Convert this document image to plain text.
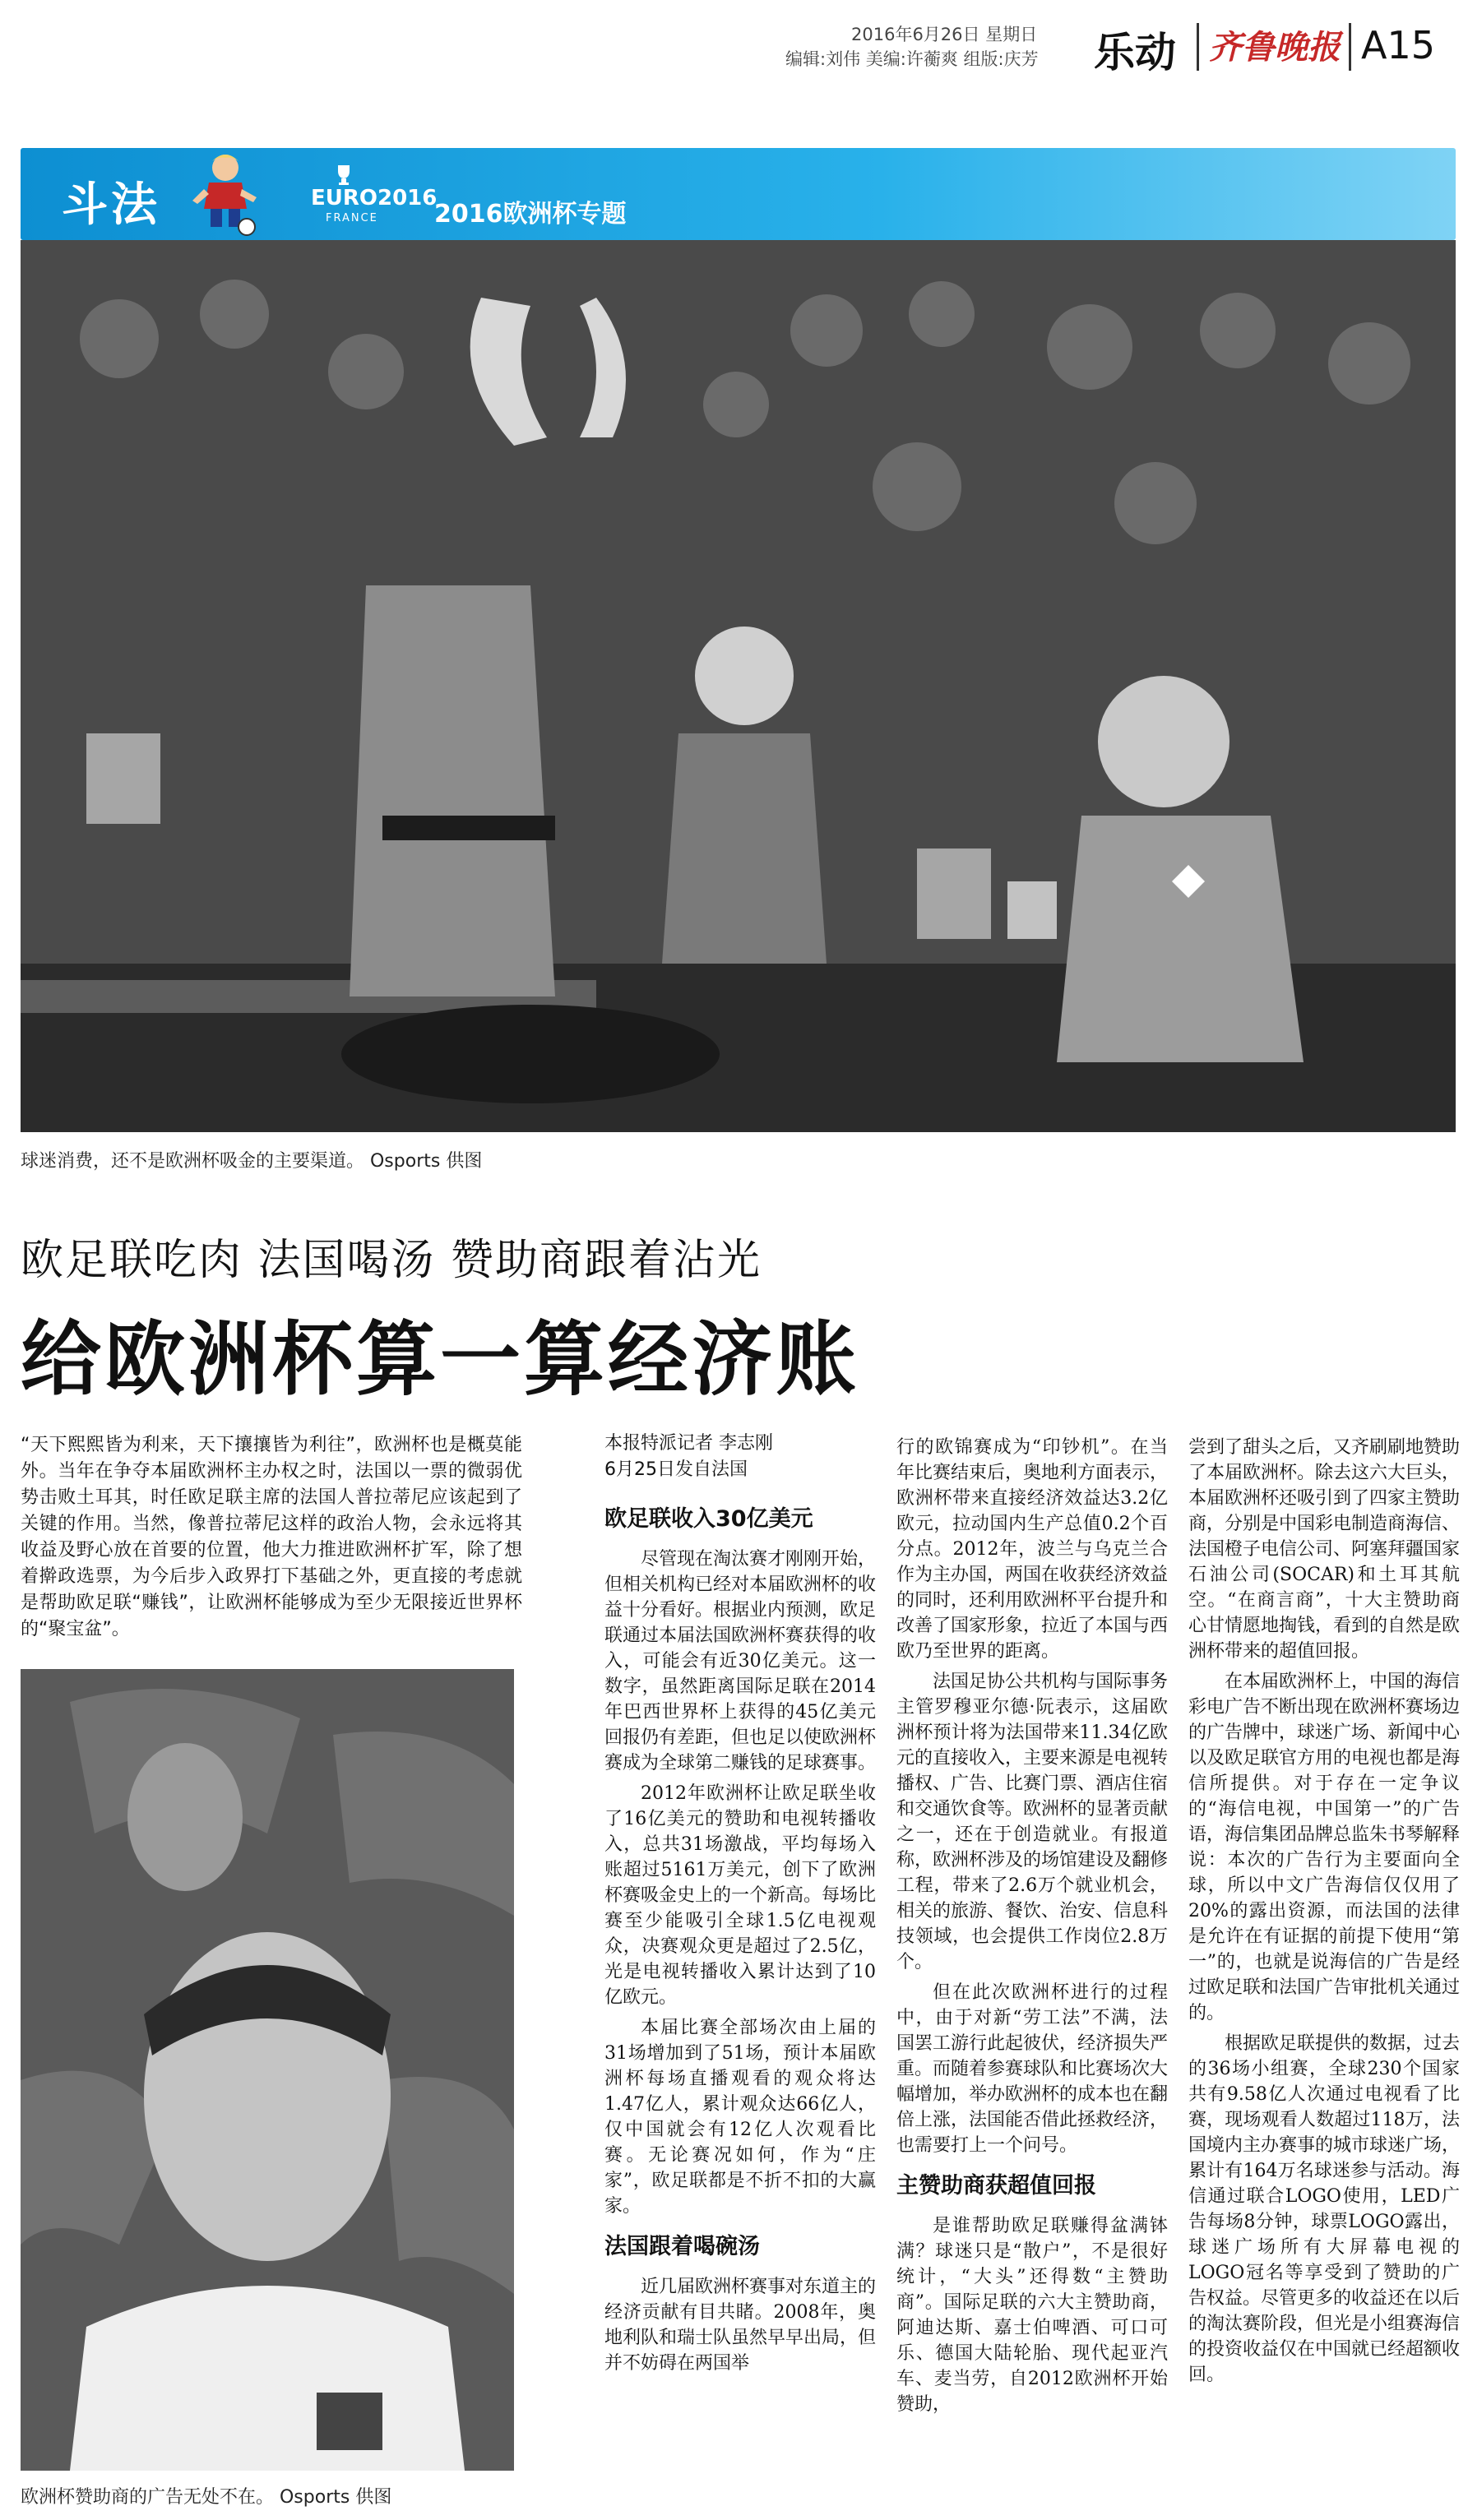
2016年6月26日 星期日
编辑:刘伟 美编:许蘅爽 组版:庆芳 乐动 齐鲁晚报 A15
斗法	EURO2016
FRANCE 2016欧洲杯专题
球迷消费，还不是欧洲杯吸金的主要渠道。 Osports 供图
欧足联吃肉 法国喝汤 赞助商跟着沾光
给欧洲杯算一算经济账
“天下熙熙皆为利来，天下攘攘皆为利往”，欧洲杯也是概莫能外。当年在争夺本届欧洲杯主办权之时，法国以一票的微弱优势击败土耳其，时任欧足联主席的法国人普拉蒂尼应该起到了关键的作用。当然，像普拉蒂尼这样的政治人物，会永远将其收益及野心放在首要的位置，他大力推进欧洲杯扩军，除了想着擀政选票，为今后步入政界打下基础之外，更直接的考虑就是帮助欧足联“赚钱”，让欧洲杯能够成为至少无限接近世界杯的“聚宝盆”。
欧洲杯赞助商的广告无处不在。 Osports 供图
本报特派记者 李志刚
6月25日发自法国
欧足联收入30亿美元

尽管现在淘汰赛才刚刚开始，但相关机构已经对本届欧洲杯的收益十分看好。根据业内预测，欧足联通过本届法国欧洲杯赛获得的收入，可能会有近30亿美元。这一数字，虽然距离国际足联在2014年巴西世界杯上获得的45亿美元回报仍有差距，但也足以使欧洲杯赛成为全球第二赚钱的足球赛事。

2012年欧洲杯让欧足联坐收了16亿美元的赞助和电视转播收入，总共31场激战，平均每场入账超过5161万美元，创下了欧洲杯赛吸金史上的一个新高。每场比赛至少能吸引全球1.5亿电视观众，决赛观众更是超过了2.5亿，光是电视转播收入累计达到了10亿欧元。

本届比赛全部场次由上届的31场增加到了51场，预计本届欧洲杯每场直播观看的观众将达1.47亿人，累计观众达66亿人，仅中国就会有12亿人次观看比赛。无论赛况如何，作为“庄家”，欧足联都是不折不扣的大赢家。

法国跟着喝碗汤

近几届欧洲杯赛事对东道主的经济贡献有目共睹。2008年，奥地利队和瑞士队虽然早早出局，但并不妨碍在两国举

行的欧锦赛成为“印钞机”。在当年比赛结束后，奥地利方面表示，欧洲杯带来直接经济效益达3.2亿欧元，拉动国内生产总值0.2个百分点。2012年，波兰与乌克兰合作为主办国，两国在收获经济效益的同时，还利用欧洲杯平台提升和改善了国家形象，拉近了本国与西欧乃至世界的距离。

法国足协公共机构与国际事务主管罗穆亚尔德·阮表示，这届欧洲杯预计将为法国带来11.34亿欧元的直接收入，主要来源是电视转播权、广告、比赛门票、酒店住宿和交通饮食等。欧洲杯的显著贡献之一，还在于创造就业。有报道称，欧洲杯涉及的场馆建设及翻修工程，带来了2.6万个就业机会，相关的旅游、餐饮、治安、信息科技领域，也会提供工作岗位2.8万个。

但在此次欧洲杯进行的过程中，由于对新“劳工法”不满，法国罢工游行此起彼伏，经济损失严重。而随着参赛球队和比赛场次大幅增加，举办欧洲杯的成本也在翻倍上涨，法国能否借此拯救经济，也需要打上一个问号。

主赞助商获超值回报

是谁帮助欧足联赚得盆满钵满？球迷只是“散户”，不是很好统计，“大头”还得数“主赞助商”。国际足联的六大主赞助商，阿迪达斯、嘉士伯啤酒、可口可乐、德国大陆轮胎、现代起亚汽车、麦当劳，自2012欧洲杯开始赞助，

尝到了甜头之后，又齐刷刷地赞助了本届欧洲杯。除去这六大巨头，本届欧洲杯还吸引到了四家主赞助商，分别是中国彩电制造商海信、法国橙子电信公司、阿塞拜疆国家石油公司(SOCAR)和土耳其航空。“在商言商”，十大主赞助商心甘情愿地掏钱，看到的自然是欧洲杯带来的超值回报。

在本届欧洲杯上，中国的海信彩电广告不断出现在欧洲杯赛场边的广告牌中，球迷广场、新闻中心以及欧足联官方用的电视也都是海信所提供。对于存在一定争议的“海信电视，中国第一”的广告语，海信集团品牌总监朱书琴解释说：本次的广告行为主要面向全球，所以中文广告海信仅仅用了20%的露出资源，而法国的法律是允许在有证据的前提下使用“第一”的，也就是说海信的广告是经过欧足联和法国广告审批机关通过的。

根据欧足联提供的数据，过去的36场小组赛，全球230个国家共有9.58亿人次通过电视看了比赛，现场观看人数超过118万，法国境内主办赛事的城市球迷广场，累计有164万名球迷参与活动。海信通过联合LOGO使用，LED广告每场8分钟，球票LOGO露出，球迷广场所有大屏幕电视的LOGO冠名等享受到了赞助的广告权益。尽管更多的收益还在以后的淘汰赛阶段，但光是小组赛海信的投资收益仅在中国就已经超额收回。
